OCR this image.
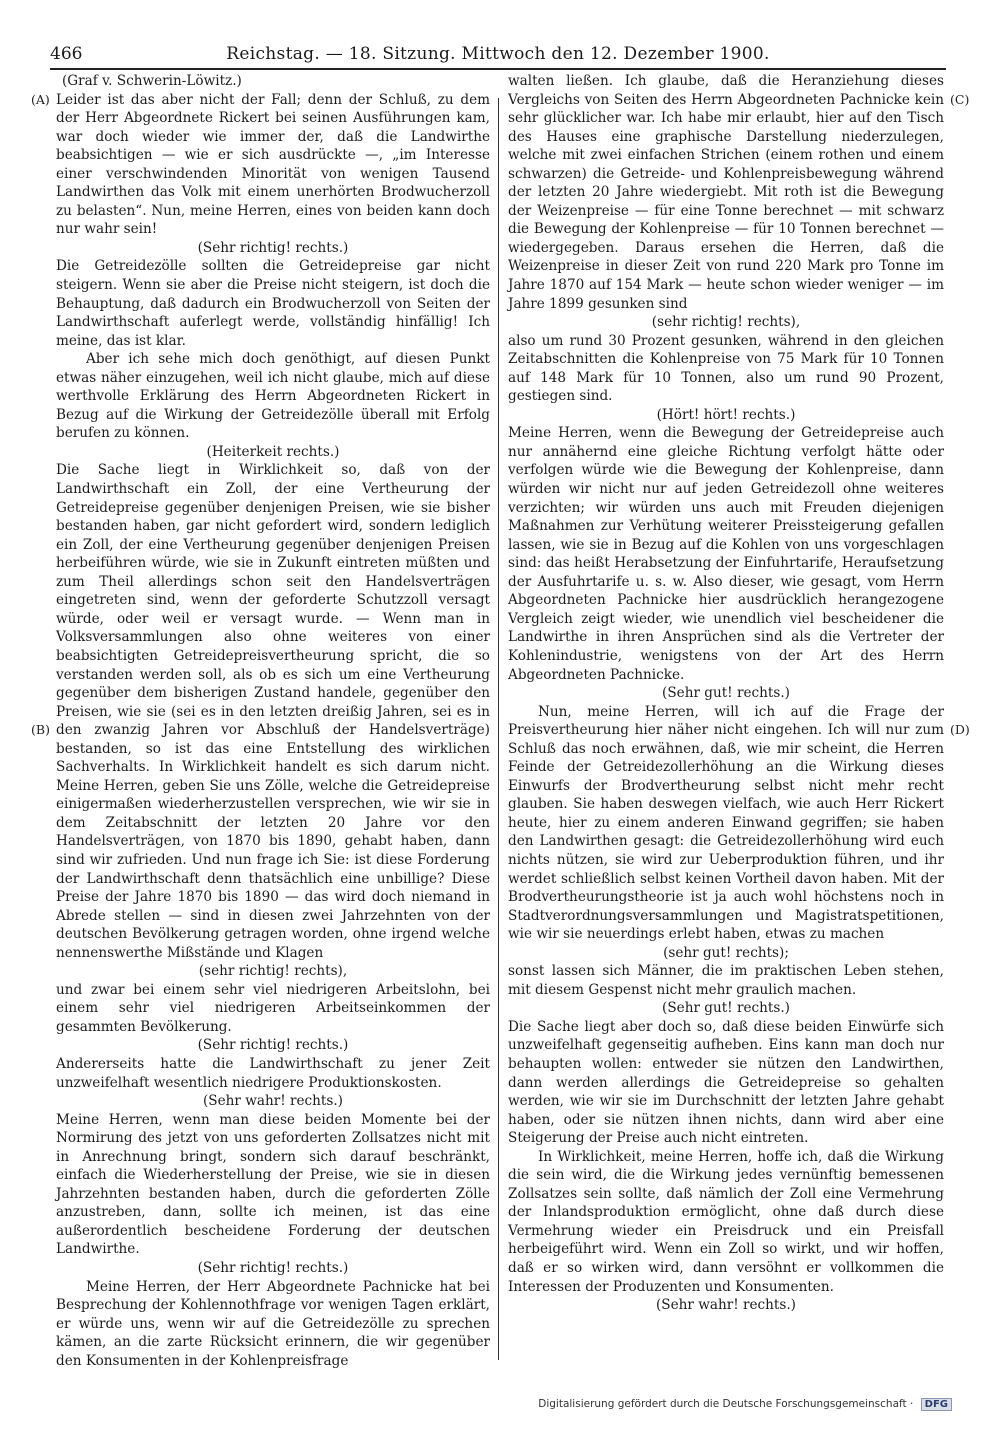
466	Reichstag. — 18. Sitzung. Mittwoch den 12. Dezember 1900.
(A)
(B)
(C)
(D)

(Graf v. Schwerin-Löwitz.)

Leider ist das aber nicht der Fall; denn der Schluß, zu dem der Herr Abgeordnete Rickert bei seinen Ausführungen kam, war doch wieder wie immer der, daß die Landwirthe beabsichtigen — wie er sich ausdrückte —, „im Interesse einer verschwindenden Minorität von wenigen Tausend Landwirthen das Volk mit einem unerhörten Brodwucherzoll zu belasten“. Nun, meine Herren, eines von beiden kann doch nur wahr sein!

(Sehr richtig! rechts.)

Die Getreidezölle sollten die Getreidepreise gar nicht steigern. Wenn sie aber die Preise nicht steigern, ist doch die Behauptung, daß dadurch ein Brodwucherzoll von Seiten der Landwirthschaft auferlegt werde, vollständig hinfällig! Ich meine, das ist klar.

Aber ich sehe mich doch genöthigt, auf diesen Punkt etwas näher einzugehen, weil ich nicht glaube, mich auf diese werthvolle Erklärung des Herrn Abgeordneten Rickert in Bezug auf die Wirkung der Getreidezölle überall mit Erfolg berufen zu können.

(Heiterkeit rechts.)

Die Sache liegt in Wirklichkeit so, daß von der Landwirthschaft ein Zoll, der eine Vertheurung der Getreidepreise gegenüber denjenigen Preisen, wie sie bisher bestanden haben, gar nicht gefordert wird, sondern lediglich ein Zoll, der eine Vertheurung gegenüber denjenigen Preisen herbeiführen würde, wie sie in Zukunft eintreten müßten und zum Theil allerdings schon seit den Handelsverträgen eingetreten sind, wenn der geforderte Schutzzoll versagt würde, oder weil er versagt wurde. — Wenn man in Volksversammlungen also ohne weiteres von einer beabsichtigten Getreidepreisvertheurung spricht, die so verstanden werden soll, als ob es sich um eine Vertheurung gegenüber dem bisherigen Zustand handele, gegenüber den Preisen, wie sie (sei es in den letzten dreißig Jahren, sei es in den zwanzig Jahren vor Abschluß der Handelsverträge) bestanden, so ist das eine Entstellung des wirklichen Sachverhalts. In Wirklichkeit handelt es sich darum nicht. Meine Herren, geben Sie uns Zölle, welche die Getreidepreise einigermaßen wiederherzustellen versprechen, wie wir sie in dem Zeitabschnitt der letzten 20 Jahre vor den Handelsverträgen, von 1870 bis 1890, gehabt haben, dann sind wir zufrieden. Und nun frage ich Sie: ist diese Forderung der Landwirthschaft denn thatsächlich eine unbillige? Diese Preise der Jahre 1870 bis 1890 — das wird doch niemand in Abrede stellen — sind in diesen zwei Jahrzehnten von der deutschen Bevölkerung getragen worden, ohne irgend welche nennenswerthe Mißstände und Klagen

(sehr richtig! rechts),

und zwar bei einem sehr viel niedrigeren Arbeitslohn, bei einem sehr viel niedrigeren Arbeitseinkommen der gesammten Bevölkerung.

(Sehr richtig! rechts.)

Andererseits hatte die Landwirthschaft zu jener Zeit unzweifelhaft wesentlich niedrigere Produktionskosten.

(Sehr wahr! rechts.)

Meine Herren, wenn man diese beiden Momente bei der Normirung des jetzt von uns geforderten Zollsatzes nicht mit in Anrechnung bringt, sondern sich darauf beschränkt, einfach die Wiederherstellung der Preise, wie sie in diesen Jahrzehnten bestanden haben, durch die geforderten Zölle anzustreben, dann, sollte ich meinen, ist das eine außerordentlich bescheidene Forderung der deutschen Landwirthe.

(Sehr richtig! rechts.)

Meine Herren, der Herr Abgeordnete Pachnicke hat bei Besprechung der Kohlennothfrage vor wenigen Tagen erklärt, er würde uns, wenn wir auf die Getreidezölle zu sprechen kämen, an die zarte Rücksicht erinnern, die wir gegenüber den Konsumenten in der Kohlenpreisfrage

walten ließen. Ich glaube, daß die Heranziehung dieses Vergleichs von Seiten des Herrn Abgeordneten Pachnicke kein sehr glücklicher war. Ich habe mir erlaubt, hier auf den Tisch des Hauses eine graphische Darstellung niederzulegen, welche mit zwei einfachen Strichen (einem rothen und einem schwarzen) die Getreide- und Kohlenpreisbewegung während der letzten 20 Jahre wiedergiebt. Mit roth ist die Bewegung der Weizenpreise — für eine Tonne berechnet — mit schwarz die Bewegung der Kohlenpreise — für 10 Tonnen berechnet — wiedergegeben. Daraus ersehen die Herren, daß die Weizenpreise in dieser Zeit von rund 220 Mark pro Tonne im Jahre 1870 auf 154 Mark — heute schon wieder weniger — im Jahre 1899 gesunken sind

(sehr richtig! rechts),

also um rund 30 Prozent gesunken, während in den gleichen Zeitabschnitten die Kohlenpreise von 75 Mark für 10 Tonnen auf 148 Mark für 10 Tonnen, also um rund 90 Prozent, gestiegen sind.

(Hört! hört! rechts.)

Meine Herren, wenn die Bewegung der Getreidepreise auch nur annähernd eine gleiche Richtung verfolgt hätte oder verfolgen würde wie die Bewegung der Kohlenpreise, dann würden wir nicht nur auf jeden Getreidezoll ohne weiteres verzichten; wir würden uns auch mit Freuden diejenigen Maßnahmen zur Verhütung weiterer Preissteigerung gefallen lassen, wie sie in Bezug auf die Kohlen von uns vorgeschlagen sind: das heißt Herabsetzung der Einfuhrtarife, Heraufsetzung der Ausfuhrtarife u. s. w. Also dieser, wie gesagt, vom Herrn Abgeordneten Pachnicke hier ausdrücklich herangezogene Vergleich zeigt wieder, wie unendlich viel bescheidener die Landwirthe in ihren Ansprüchen sind als die Vertreter der Kohlenindustrie, wenigstens von der Art des Herrn Abgeordneten Pachnicke.

(Sehr gut! rechts.)

Nun, meine Herren, will ich auf die Frage der Preisvertheurung hier näher nicht eingehen. Ich will nur zum Schluß das noch erwähnen, daß, wie mir scheint, die Herren Feinde der Getreidezollerhöhung an die Wirkung dieses Einwurfs der Brodvertheurung selbst nicht mehr recht glauben. Sie haben deswegen vielfach, wie auch Herr Rickert heute, hier zu einem anderen Einwand gegriffen; sie haben den Landwirthen gesagt: die Getreidezollerhöhung wird euch nichts nützen, sie wird zur Ueberproduktion führen, und ihr werdet schließlich selbst keinen Vortheil davon haben. Mit der Brodvertheurungstheorie ist ja auch wohl höchstens noch in Stadtverordnungsversammlungen und Magistratspetitionen, wie wir sie neuerdings erlebt haben, etwas zu machen

(sehr gut! rechts);

sonst lassen sich Männer, die im praktischen Leben stehen, mit diesem Gespenst nicht mehr graulich machen.

(Sehr gut! rechts.)

Die Sache liegt aber doch so, daß diese beiden Einwürfe sich unzweifelhaft gegenseitig aufheben. Eins kann man doch nur behaupten wollen: entweder sie nützen den Landwirthen, dann werden allerdings die Getreidepreise so gehalten werden, wie wir sie im Durchschnitt der letzten Jahre gehabt haben, oder sie nützen ihnen nichts, dann wird aber eine Steigerung der Preise auch nicht eintreten.

In Wirklichkeit, meine Herren, hoffe ich, daß die Wirkung die sein wird, die die Wirkung jedes vernünftig bemessenen Zollsatzes sein sollte, daß nämlich der Zoll eine Vermehrung der Inlandsproduktion ermöglicht, ohne daß durch diese Vermehrung wieder ein Preisdruck und ein Preisfall herbeigeführt wird. Wenn ein Zoll so wirkt, und wir hoffen, daß er so wirken wird, dann versöhnt er vollkommen die Interessen der Produzenten und Konsumenten.

(Sehr wahr! rechts.)

Digitalisierung gefördert durch die Deutsche Forschungsgemeinschaft · DFG
